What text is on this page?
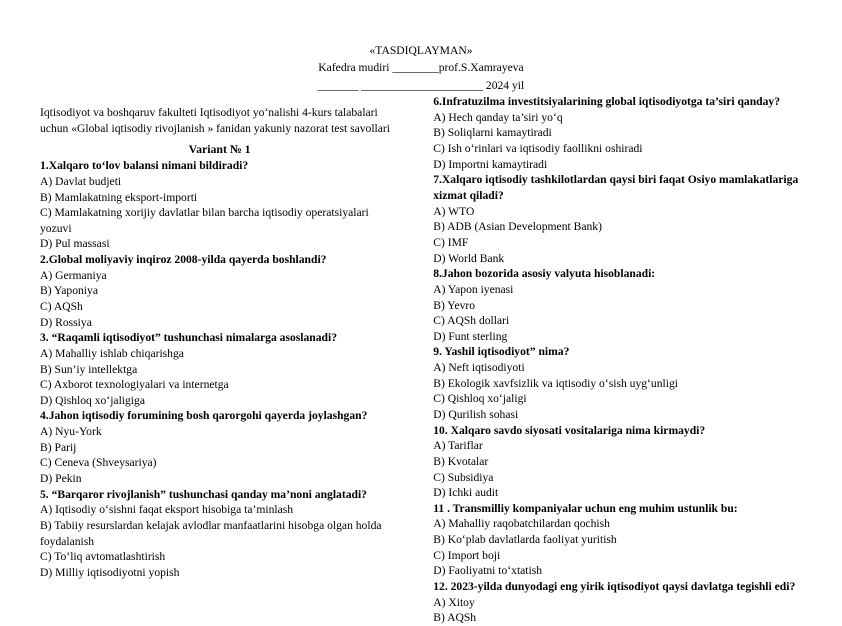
«TASDIQLAYMAN»
Kafedra mudiri ________prof.S.Xamrayeva
_______ _____________________ 2024 yil
Iqtisodiyot va boshqaruv fakulteti Iqtisodiyot yo‘nalishi 4-kurs talabalari uchun «Global iqtisodiy rivojlanish » fanidan yakuniy nazorat test savollari
Variant № 1
1.Xalqaro to‘lov balansi nimani bildiradi?
A) Davlat budjeti
B) Mamlakatning eksport-importi
C) Mamlakatning xorijiy davlatlar bilan barcha iqtisodiy operatsiyalari yozuvi
D) Pul massasi
2.Global moliyaviy inqiroz 2008-yilda qayerda boshlandi?
A) Germaniya
B) Yaponiya
C) AQSh
D) Rossiya
3. “Raqamli iqtisodiyot” tushunchasi nimalarga asoslanadi?
A) Mahalliy ishlab chiqarishga
B) Sun’iy intellektga
C) Axborot texnologiyalari va internetga
D) Qishloq xo‘jaligiga
4.Jahon iqtisodiy forumining bosh qarorgohi qayerda joylashgan?
A) Nyu-York
B) Parij
C) Ceneva (Shveysariya)
D) Pekin
5. “Barqaror rivojlanish” tushunchasi qanday ma’noni anglatadi?
A) Iqtisodiy o‘sishni faqat eksport hisobiga ta’minlash
B) Tabiiy resurslardan kelajak avlodlar manfaatlarini hisobga olgan holda foydalanish
C) To‘liq avtomatlashtirish
D) Milliy iqtisodiyotni yopish
6.Infratuzilma investitsiyalarining global iqtisodiyotga ta’siri qanday?
A) Hech qanday ta’siri yo‘q
B) Soliqlarni kamaytiradi
C) Ish o‘rinlari va iqtisodiy faollikni oshiradi
D) Importni kamaytiradi
7.Xalqaro iqtisodiy tashkilotlardan qaysi biri faqat Osiyo mamlakatlariga xizmat qiladi?
A) WTO
B) ADB (Asian Development Bank)
C) IMF
D) World Bank
8.Jahon bozorida asosiy valyuta hisoblanadi:
A) Yapon iyenasi
B) Yevro
C) AQSh dollari
D) Funt sterling
9. Yashil iqtisodiyot” nima?
A) Neft iqtisodiyoti
B) Ekologik xavfsizlik va iqtisodiy o‘sish uyg‘unligi
C) Qishloq xo‘jaligi
D) Qurilish sohasi
10. Xalqaro savdo siyosati vositalariga nima kirmaydi?
A) Tariflar
B) Kvotalar
C) Subsidiya
D) Ichki audit
11 . Transmilliy kompaniyalar uchun eng muhim ustunlik bu:
A) Mahalliy raqobatchilardan qochish
B) Ko‘plab davlatlarda faoliyat yuritish
C) Import boji
D) Faoliyatni to‘xtatish
12. 2023-yilda dunyodagi eng yirik iqtisodiyot qaysi davlatga tegishli edi?
A) Xitoy
B) AQSh
